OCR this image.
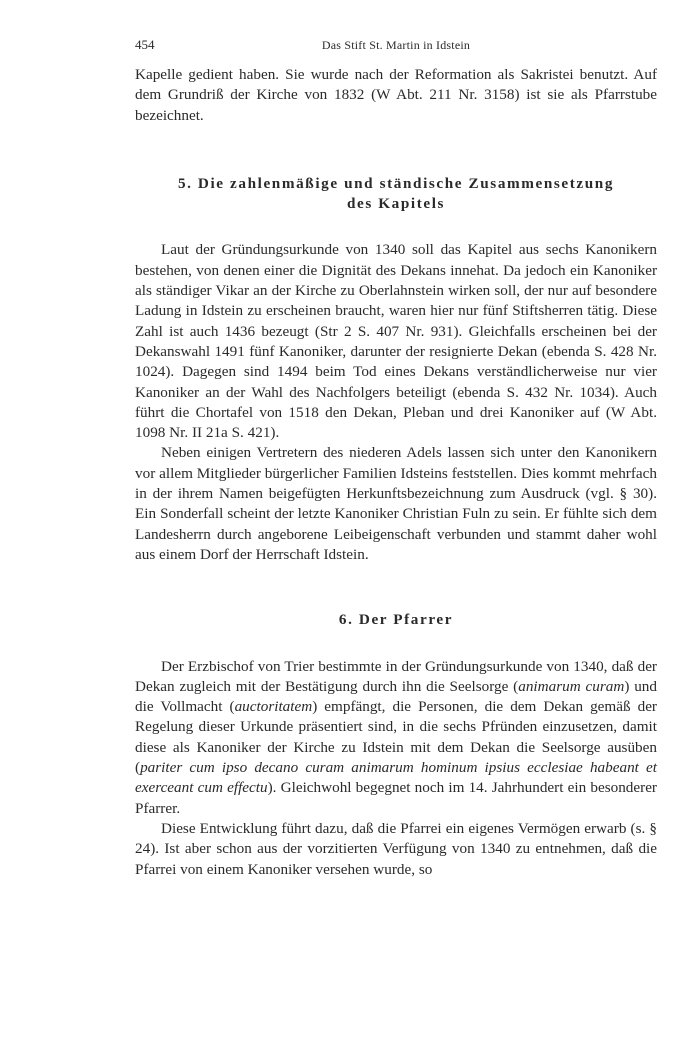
454	Das Stift St. Martin in Idstein

Kapelle gedient haben. Sie wurde nach der Reformation als Sakristei benutzt. Auf dem Grundriß der Kirche von 1832 (W Abt. 211 Nr. 3158) ist sie als Pfarrstube bezeichnet.

5. Die zahlenmäßige und ständische Zusammensetzung
des Kapitels

Laut der Gründungsurkunde von 1340 soll das Kapitel aus sechs Kanonikern bestehen, von denen einer die Dignität des Dekans innehat. Da jedoch ein Kanoniker als ständiger Vikar an der Kirche zu Oberlahnstein wirken soll, der nur auf besondere Ladung in Idstein zu erscheinen braucht, waren hier nur fünf Stiftsherren tätig. Diese Zahl ist auch 1436 bezeugt (Str 2 S. 407 Nr. 931). Gleichfalls erscheinen bei der Dekanswahl 1491 fünf Kanoniker, darunter der resignierte Dekan (ebenda S. 428 Nr. 1024). Dagegen sind 1494 beim Tod eines Dekans verständlicherweise nur vier Kanoniker an der Wahl des Nachfolgers beteiligt (ebenda S. 432 Nr. 1034). Auch führt die Chortafel von 1518 den Dekan, Pleban und drei Kanoniker auf (W Abt. 1098 Nr. II 21a S. 421).

Neben einigen Vertretern des niederen Adels lassen sich unter den Kanonikern vor allem Mitglieder bürgerlicher Familien Idsteins feststellen. Dies kommt mehrfach in der ihrem Namen beigefügten Herkunftsbezeichnung zum Ausdruck (vgl. § 30). Ein Sonderfall scheint der letzte Kanoniker Christian Fuln zu sein. Er fühlte sich dem Landesherrn durch angeborene Leibeigenschaft verbunden und stammt daher wohl aus einem Dorf der Herrschaft Idstein.

6. Der Pfarrer

Der Erzbischof von Trier bestimmte in der Gründungsurkunde von 1340, daß der Dekan zugleich mit der Bestätigung durch ihn die Seelsorge (animarum curam) und die Vollmacht (auctoritatem) empfängt, die Personen, die dem Dekan gemäß der Regelung dieser Urkunde präsentiert sind, in die sechs Pfründen einzusetzen, damit diese als Kanoniker der Kirche zu Idstein mit dem Dekan die Seelsorge ausüben (pariter cum ipso decano curam animarum hominum ipsius ecclesiae habeant et exerceant cum effectu). Gleichwohl begegnet noch im 14. Jahrhundert ein besonderer Pfarrer.

Diese Entwicklung führt dazu, daß die Pfarrei ein eigenes Vermögen erwarb (s. § 24). Ist aber schon aus der vorzitierten Verfügung von 1340 zu entnehmen, daß die Pfarrei von einem Kanoniker versehen wurde, so
